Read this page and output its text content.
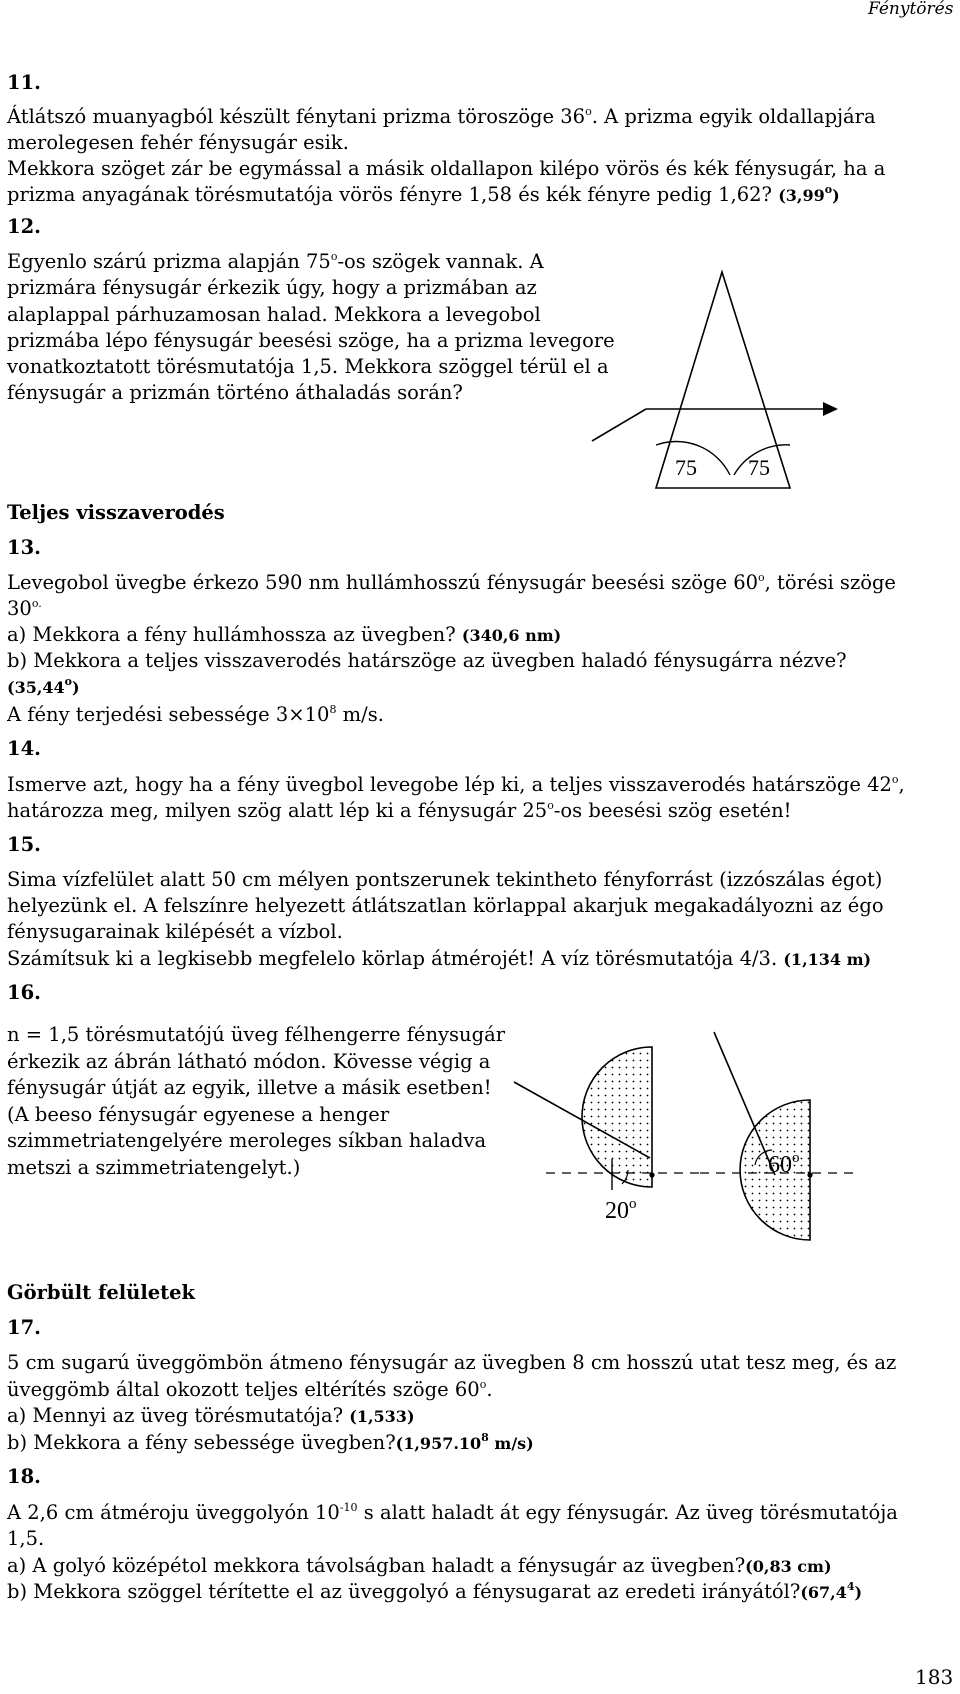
Fénytörés
11.
Átlátszó muanyagból készült fénytani prizma töroszöge 36$^o$. A prizma egyik oldallapjára
merolegesen fehér fénysugár esik.
Mekkora szöget zár be egymással a másik oldallapon kilépo vörös és kék fénysugár, ha a
prizma anyagának törésmutatója vörös fényre 1,58 és kék fényre pedig 1,62? (3,99$^o$)
12.
Egyenlo szárú prizma alapján 75$^o$-os szögek vannak. A
prizmára fénysugár érkezik úgy, hogy a prizmában az
alaplappal párhuzamosan halad. Mekkora a levegobol
prizmába lépo fénysugár beesési szöge, ha a prizma levegore
vonatkoztatott törésmutatója 1,5. Mekkora szöggel térül el a
fénysugár a prizmán történo áthaladás során?
75 75
Teljes visszaverodés
13.
Levegobol üvegbe érkezo 590 nm hullámhosszú fénysugár beesési szöge 60$^o$, törési szöge
$30^{o.}$
a) Mekkora a fény hullámhossza az üvegben? (340,6 nm)
b) Mekkora a teljes visszaverodés határszöge az üvegben haladó fénysugárra nézve?
(35,44$^o$)
A fény terjedési sebessége $3\times 10^8$ m/s.
14.
Ismerve azt, hogy ha a fény üvegbol levegobe lép ki, a teljes visszaverodés határszöge 42$^o$,
határozza meg, milyen szög alatt lép ki a fénysugár 25$^o$-os beesési szög esetén!
15.
Sima vízfelület alatt 50 cm mélyen pontszerunek tekintheto fényforrást (izzószálas égot)
helyezünk el. A felszínre helyezett átlátszatlan körlappal akarjuk megakadályozni az égo
fénysugarainak kilépését a vízbol.
Számítsuk ki a legkisebb megfelelo körlap átmérojét! A víz törésmutatója 4/3. (1,134 m)
16.
n = 1,5 törésmutatójú üveg félhengerre fénysugár
érkezik az ábrán látható módon. Kövesse végig a
fénysugár útját az egyik, illetve a másik esetben!
(A beeso fénysugár egyenese a henger
szimmetriatengelyére meroleges síkban haladva
metszi a szimmetriatengelyt.)
20$^o$
60$^o$
Görbült felületek
17.
5 cm sugarú üveggömbön átmeno fénysugár az üvegben 8 cm hosszú utat tesz meg, és az
üveggömb által okozott teljes eltérítés szöge 60$^o$.
a) Mennyi az üveg törésmutatója? (1,533)
b) Mekkora a fény sebessége üvegben?(1,957.10$^8$ m/s)
18.
A 2,6 cm átméroju üveggolyón $10^{-10}$ s alatt haladt át egy fénysugár. Az üveg törésmutatója
1,5.
a) A golyó középétol mekkora távolságban haladt a fénysugár az üvegben?(0,83 cm)
b) Mekkora szöggel térítette el az üveggolyó a fénysugarat az eredeti irányától?(67,4$^4$)
183
